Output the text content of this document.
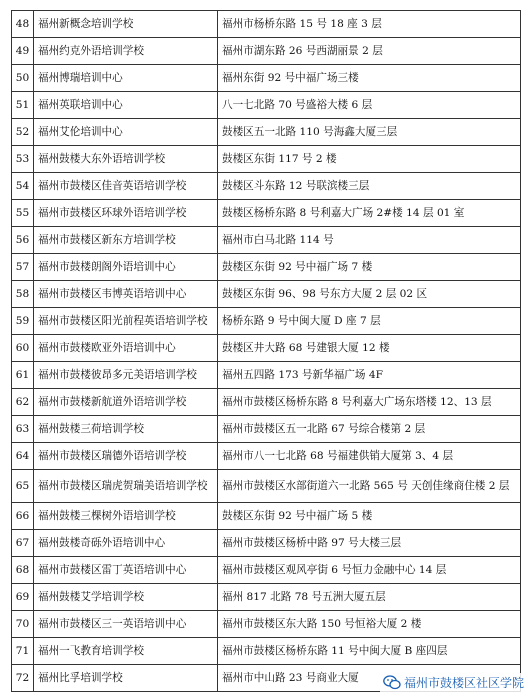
48	福州新概念培训学校	福州市杨桥东路 15 号 18 座 3 层
49	福州约克外语培训学校	福州市湖东路 26 号西湖丽景 2 层
50	福州博瑞培训中心	福州东街 92 号中福广场三楼
51	福州英联培训中心	八一七北路 70 号盛裕大楼 6 层
52	福州艾伦培训中心	鼓楼区五一北路 110 号海鑫大厦三层
53	福州鼓楼大东外语培训学校	鼓楼区东街 117 号 2 楼
54	福州市鼓楼区佳音英语培训学校	鼓楼区斗东路 12 号联滨楼三层
55	福州市鼓楼区环球外语培训学校	鼓楼区杨桥东路 8 号利嘉大广场 2#楼 14 层 01 室
56	福州市鼓楼区新东方培训学校	福州市白马北路 114 号
57	福州市鼓楼朗阁外语培训中心	鼓楼区东街 92 号中福广场 7 楼
58	福州市鼓楼区韦博英语培训中心	鼓楼区东街 96、98 号东方大厦 2 层 02 区
59	福州市鼓楼区阳光前程英语培训学校	杨桥东路 9 号中闽大厦 D 座 7 层
60	福州市鼓楼欧亚外语培训中心	鼓楼区井大路 68 号建银大厦 12 楼
61	福州市鼓楼彼昂多元美语培训学校	福州五四路 173 号新华福广场 4F
62	福州市鼓楼新航道外语培训学校	福州市鼓楼区杨桥东路 8 号利嘉大广场东塔楼 12、13 层
63	福州鼓楼三荷培训学校	福州市鼓楼区五一北路 67 号综合楼第 2 层
64	福州市鼓楼区瑞德外语培训学校	福州市八一七北路 68 号福建供销大厦第 3、4 层
65	福州市鼓楼区瑞虎贺瑞美语培训学校	福州市鼓楼区水部街道六一北路 565 号 天创佳缘商住楼 2 层
66	福州鼓楼三棵树外语培训学校	鼓楼区东街 92 号中福广场 5 楼
67	福州鼓楼奇砾外语培训中心	福州市鼓楼区杨桥中路 97 号大楼三层
68	福州市鼓楼区雷丁英语培训中心	福州市鼓楼区观风亭街 6 号恒力金融中心 14 层
69	福州鼓楼艾学培训学校	福州 817 北路 78 号五洲大厦五层
70	福州市鼓楼区三一英语培训中心	福州市鼓楼区东大路 150 号恒裕大厦 2 楼
71	福州一飞教育培训学校	福州市鼓楼区杨桥东路 11 号中闽大厦 B 座四层
72	福州比孚培训学校	福州市中山路 23 号商业大厦	福州市鼓楼区社区学院
